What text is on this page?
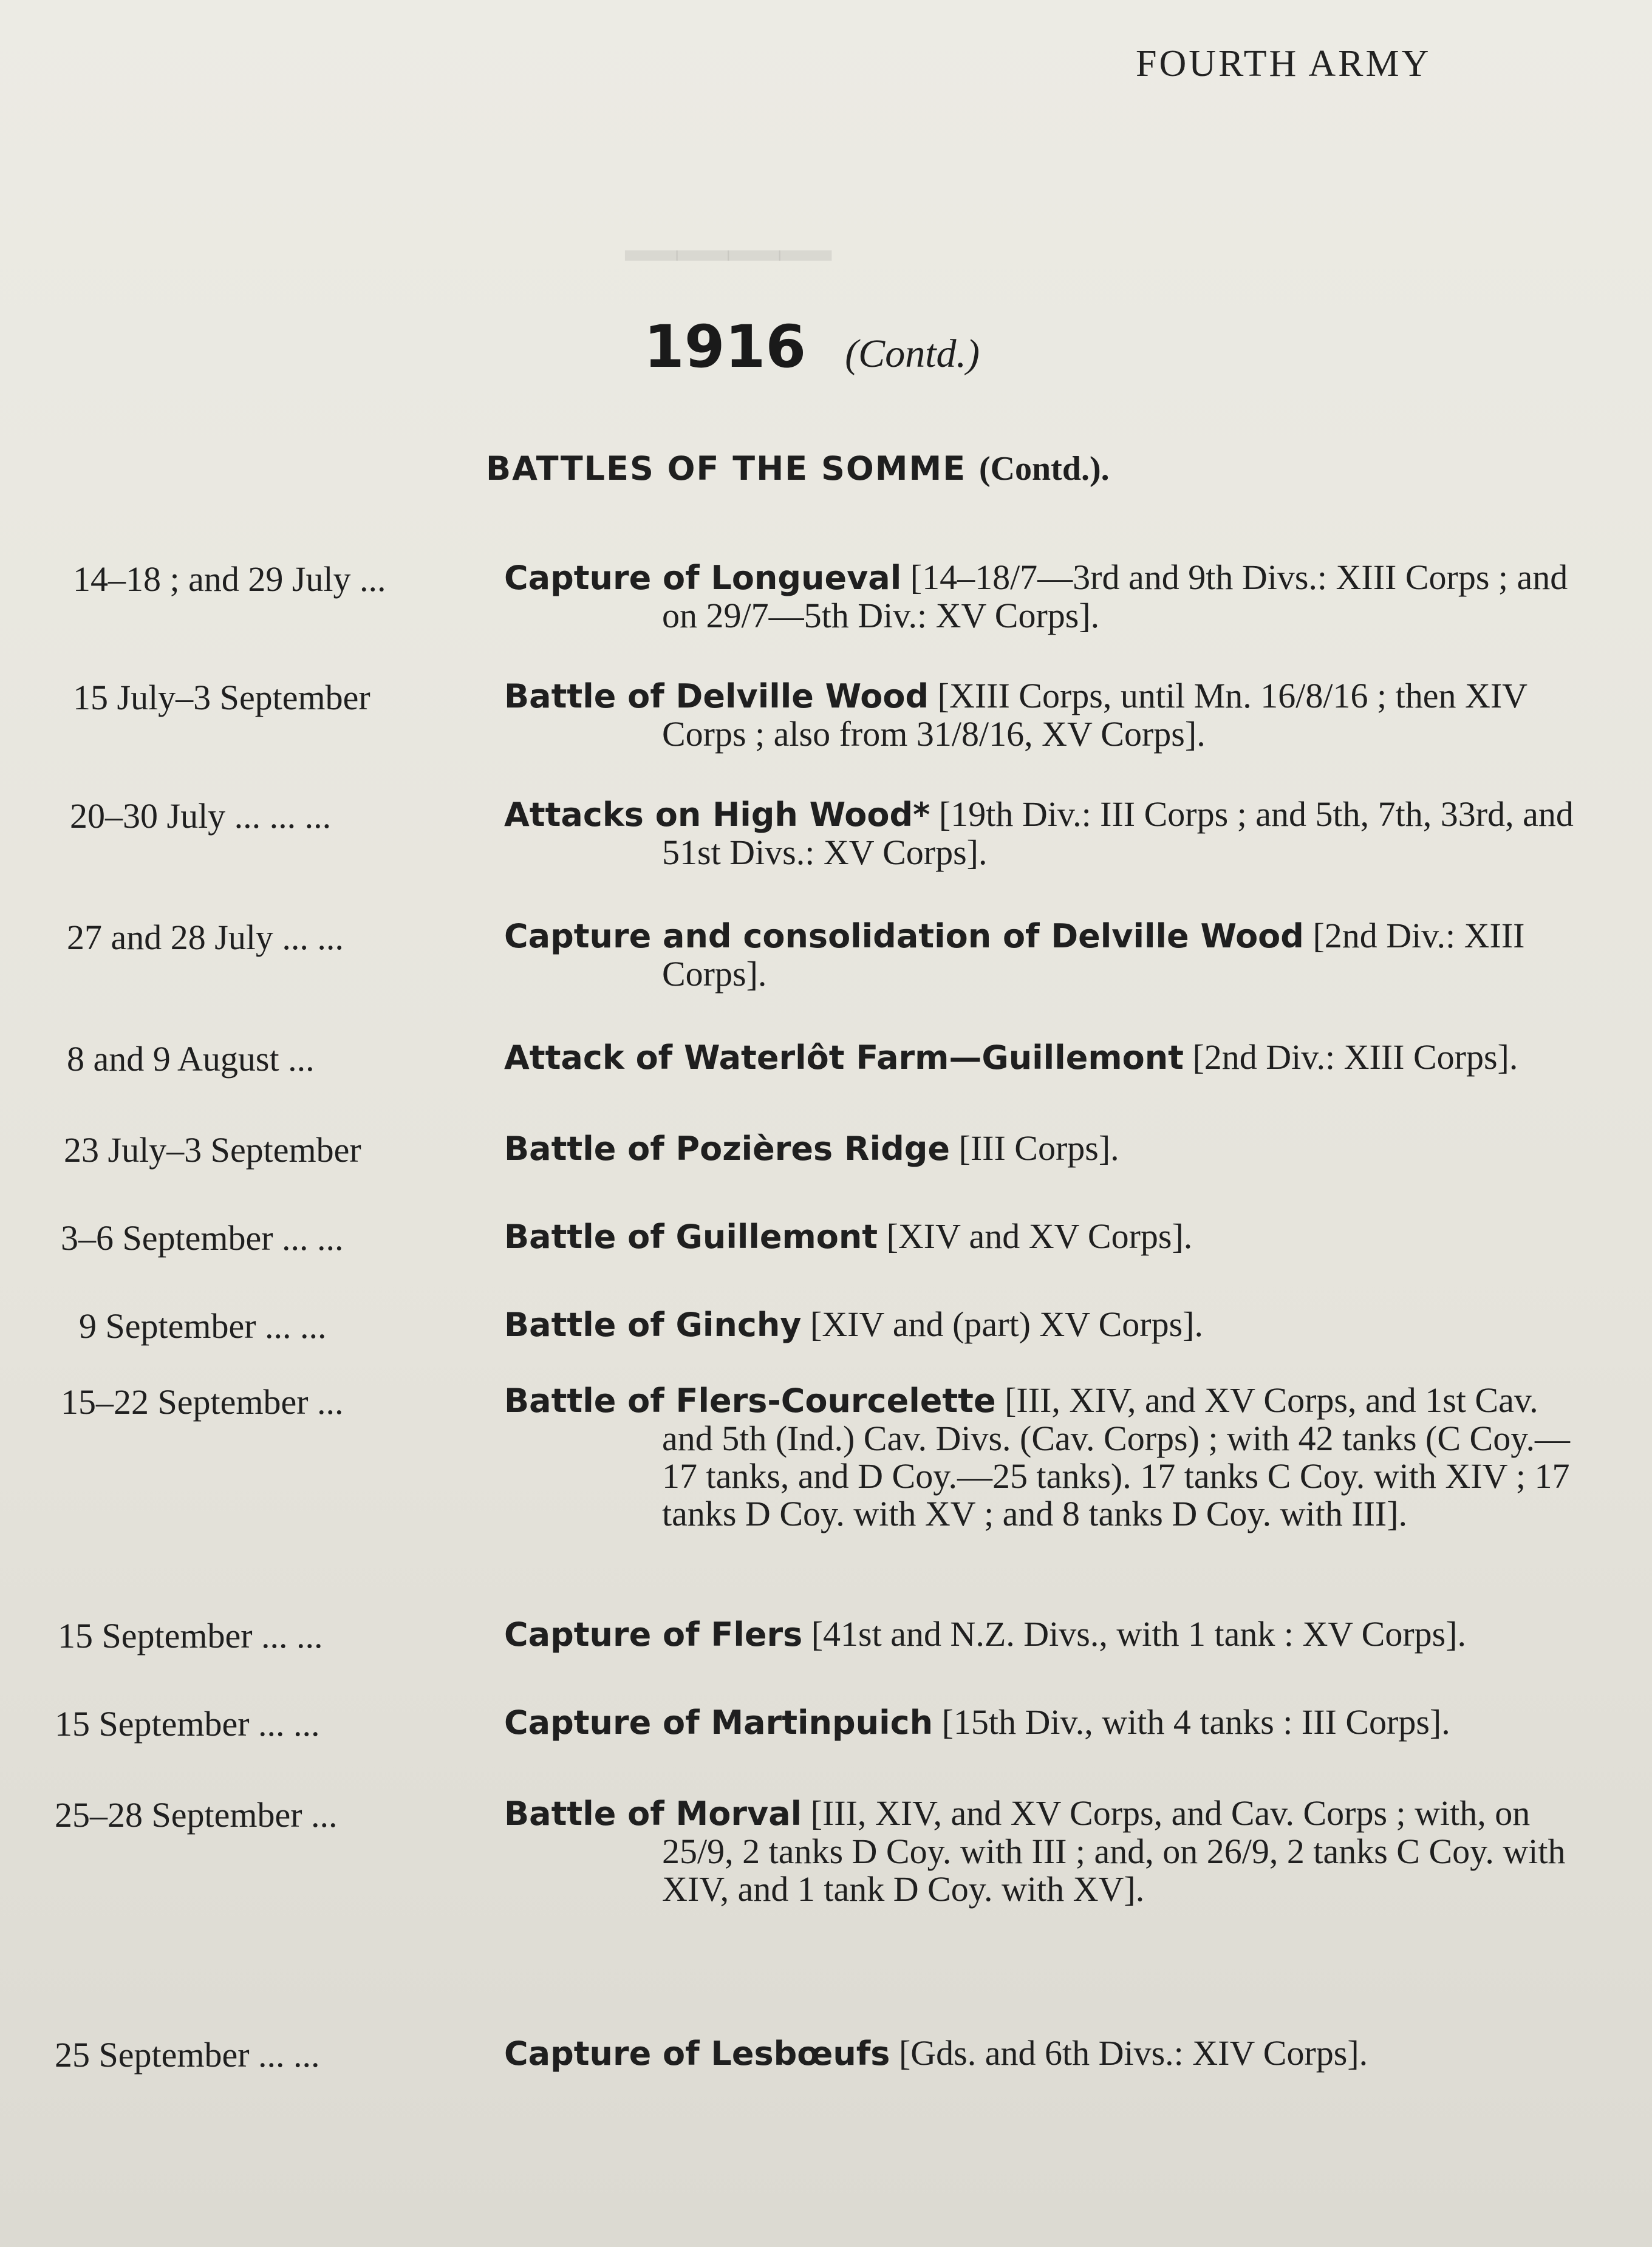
▁▁▁▁
FOURTH ARMY
1916 (Contd.)
BATTLES OF THE SOMME (Contd.).
14–18 ; and 29 July ...	Capture of Longueval [14–18/7—3rd and 9th Divs.: XIII Corps ; and on 29/7—5th Div.: XV Corps].
15 July–3 September	Battle of Delville Wood [XIII Corps, until Mn. 16/8/16 ; then XIV Corps ; also from 31/8/16, XV Corps].
20–30 July ... ... ...	Attacks on High Wood* [19th Div.: III Corps ; and 5th, 7th, 33rd, and 51st Divs.: XV Corps].
27 and 28 July ... ...	Capture and consolidation of Delville Wood [2nd Div.: XIII Corps].
8 and 9 August ...	Attack of Waterlôt Farm—Guillemont [2nd Div.: XIII Corps].
23 July–3 September	Battle of Pozières Ridge [III Corps].
3–6 September ... ...	Battle of Guillemont [XIV and XV Corps].
9 September ... ...	Battle of Ginchy [XIV and (part) XV Corps].
15–22 September ...	Battle of Flers-Courcelette [III, XIV, and XV Corps, and 1st Cav. and 5th (Ind.) Cav. Divs. (Cav. Corps) ; with 42 tanks (C Coy.—17 tanks, and D Coy.—25 tanks). 17 tanks C Coy. with XIV ; 17 tanks D Coy. with XV ; and 8 tanks D Coy. with III].
15 September ... ...	Capture of Flers [41st and N.Z. Divs., with 1 tank : XV Corps].
15 September ... ...	Capture of Martinpuich [15th Div., with 4 tanks : III Corps].
25–28 September ...	Battle of Morval [III, XIV, and XV Corps, and Cav. Corps ; with, on 25/9, 2 tanks D Coy. with III ; and, on 26/9, 2 tanks C Coy. with XIV, and 1 tank D Coy. with XV].
25 September ... ...	Capture of Lesbœufs [Gds. and 6th Divs.: XIV Corps].
